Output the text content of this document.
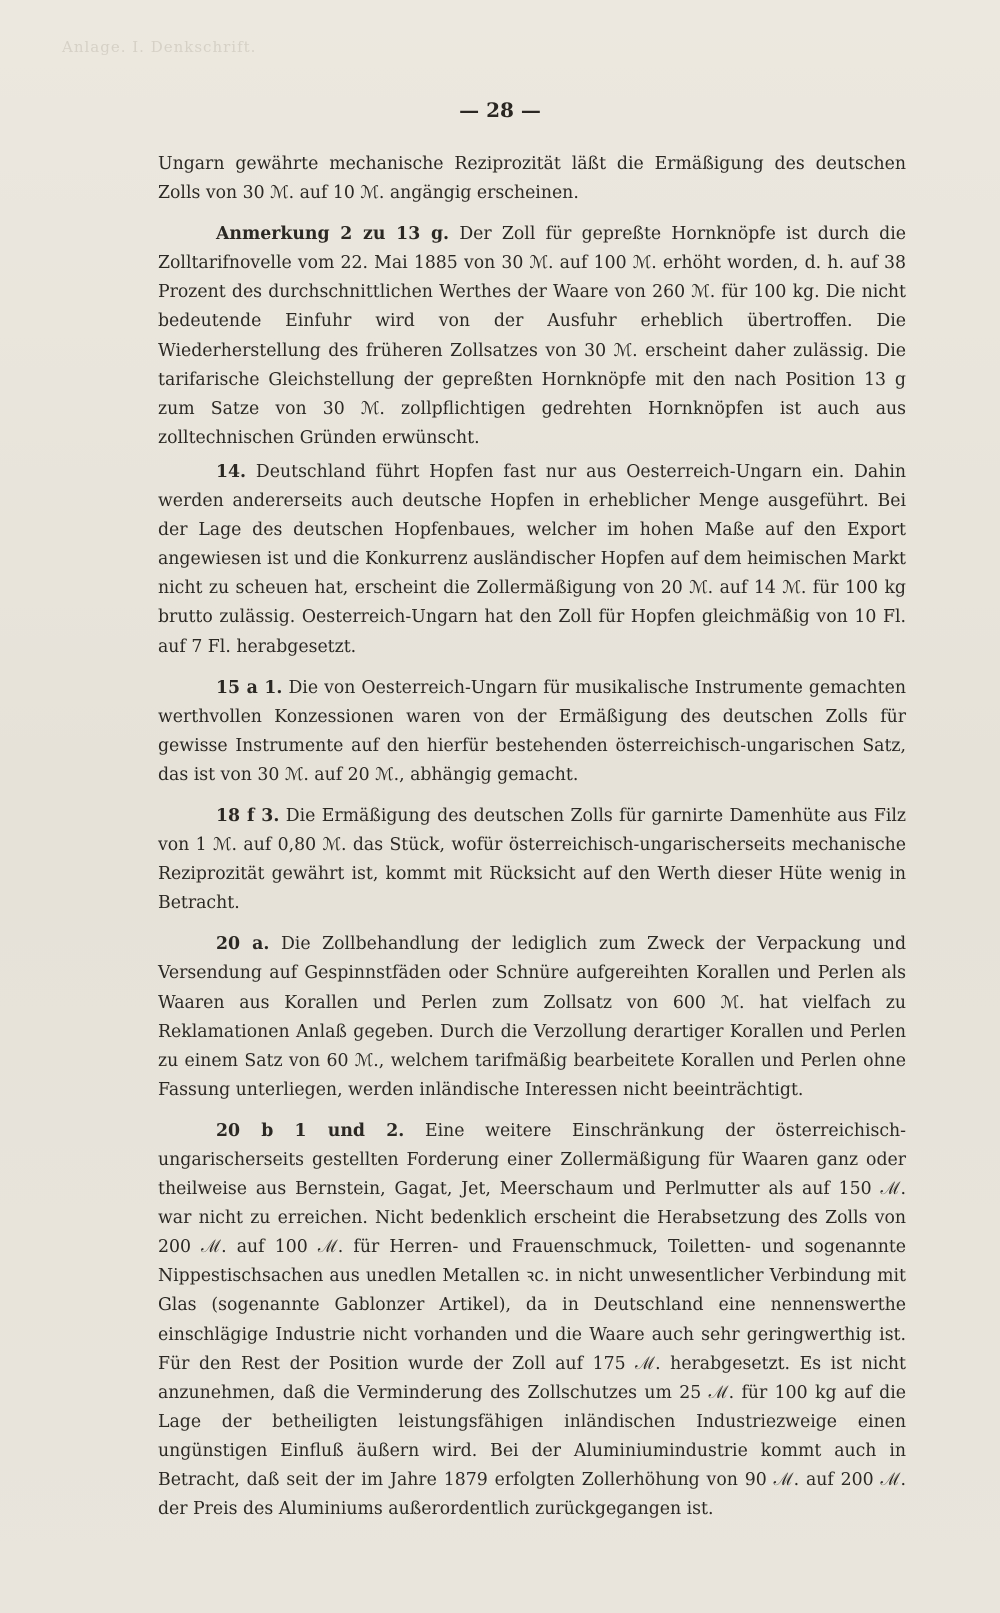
Anlage. I. Denkschrift.
— 28 —

Ungarn gewährte mechanische Reziprozität läßt die Ermäßigung des deutschen Zolls von 30 ℳ. auf 10 ℳ. angängig erscheinen.

Anmerkung 2 zu 13 g. Der Zoll für gepreßte Hornknöpfe ist durch die Zolltarifnovelle vom 22. Mai 1885 von 30 ℳ. auf 100 ℳ. erhöht worden, d. h. auf 38 Prozent des durchschnittlichen Werthes der Waare von 260 ℳ. für 100 kg. Die nicht bedeutende Einfuhr wird von der Ausfuhr erheblich übertroffen. Die Wiederherstellung des früheren Zollsatzes von 30 ℳ. erscheint daher zulässig. Die tarifarische Gleichstellung der gepreßten Hornknöpfe mit den nach Position 13 g zum Satze von 30 ℳ. zollpflichtigen gedrehten Hornknöpfen ist auch aus zolltechnischen Gründen erwünscht.

14. Deutschland führt Hopfen fast nur aus Oesterreich-Ungarn ein. Dahin werden andererseits auch deutsche Hopfen in erheblicher Menge ausgeführt. Bei der Lage des deutschen Hopfenbaues, welcher im hohen Maße auf den Export angewiesen ist und die Konkurrenz ausländischer Hopfen auf dem heimischen Markt nicht zu scheuen hat, erscheint die Zollermäßigung von 20 ℳ. auf 14 ℳ. für 100 kg brutto zulässig. Oesterreich-Ungarn hat den Zoll für Hopfen gleichmäßig von 10 Fl. auf 7 Fl. herabgesetzt.

15 a 1. Die von Oesterreich-Ungarn für musikalische Instrumente gemachten werthvollen Konzessionen waren von der Ermäßigung des deutschen Zolls für gewisse Instrumente auf den hierfür bestehenden österreichisch-ungarischen Satz, das ist von 30 ℳ. auf 20 ℳ., abhängig gemacht.

18 f 3. Die Ermäßigung des deutschen Zolls für garnirte Damenhüte aus Filz von 1 ℳ. auf 0,80 ℳ. das Stück, wofür österreichisch-ungarischerseits mechanische Reziprozität gewährt ist, kommt mit Rücksicht auf den Werth dieser Hüte wenig in Betracht.

20 a. Die Zollbehandlung der lediglich zum Zweck der Verpackung und Versendung auf Gespinnstfäden oder Schnüre aufgereihten Korallen und Perlen als Waaren aus Korallen und Perlen zum Zollsatz von 600 ℳ. hat vielfach zu Reklamationen Anlaß gegeben. Durch die Verzollung derartiger Korallen und Perlen zu einem Satz von 60 ℳ., welchem tarifmäßig bearbeitete Korallen und Perlen ohne Fassung unterliegen, werden inländische Interessen nicht beeinträchtigt.

20 b 1 und 2. Eine weitere Einschränkung der österreichisch-ungarischerseits gestellten Forderung einer Zollermäßigung für Waaren ganz oder theilweise aus Bernstein, Gagat, Jet, Meerschaum und Perlmutter als auf 150 ℳ. war nicht zu erreichen. Nicht bedenklich erscheint die Herabsetzung des Zolls von 200 ℳ. auf 100 ℳ. für Herren- und Frauenschmuck, Toiletten- und sogenannte Nippestischsachen aus unedlen Metallen ꝛc. in nicht unwesentlicher Verbindung mit Glas (sogenannte Gablonzer Artikel), da in Deutschland eine nennenswerthe einschlägige Industrie nicht vorhanden und die Waare auch sehr geringwerthig ist. Für den Rest der Position wurde der Zoll auf 175 ℳ. herabgesetzt. Es ist nicht anzunehmen, daß die Verminderung des Zollschutzes um 25 ℳ. für 100 kg auf die Lage der betheiligten leistungsfähigen inländischen Industriezweige einen ungünstigen Einfluß äußern wird. Bei der Aluminiumindustrie kommt auch in Betracht, daß seit der im Jahre 1879 erfolgten Zollerhöhung von 90 ℳ. auf 200 ℳ. der Preis des Aluminiums außerordentlich zurückgegangen ist.
